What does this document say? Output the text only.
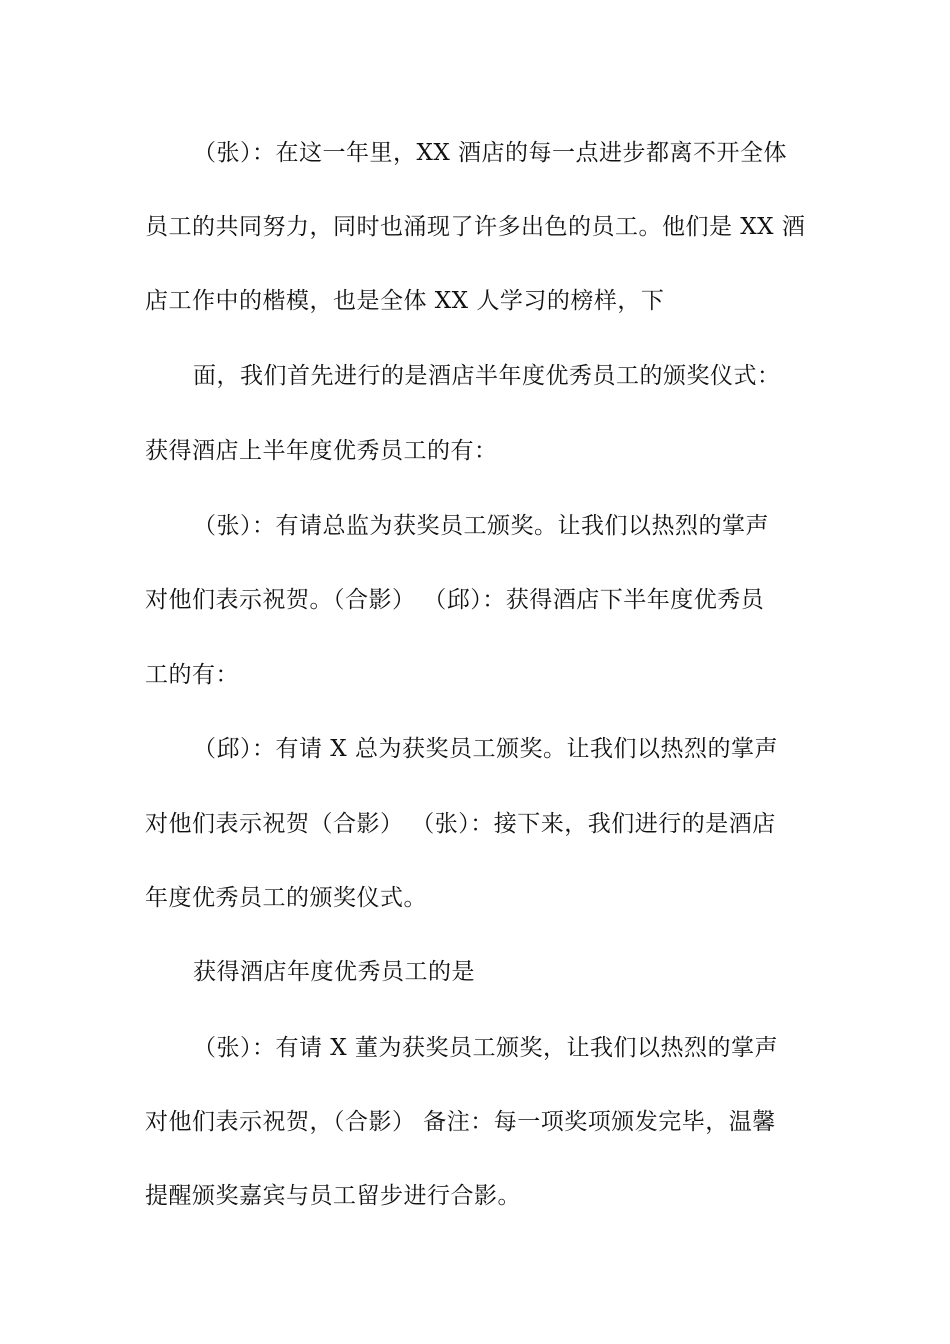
（张）：在这一年里，XX 酒店的每一点进步都离不开全体
员工的共同努力，同时也涌现了许多出色的员工。他们是 XX 酒
店工作中的楷模，也是全体 XX 人学习的榜样，下
面，我们首先进行的是酒店半年度优秀员工的颁奖仪式：
获得酒店上半年度优秀员工的有：
（张）：有请总监为获奖员工颁奖。让我们以热烈的掌声
对他们表示祝贺。（合影） （邱）：获得酒店下半年度优秀员
工的有：
（邱）：有请 X 总为获奖员工颁奖。让我们以热烈的掌声
对他们表示祝贺（合影） （张）：接下来，我们进行的是酒店
年度优秀员工的颁奖仪式。
获得酒店年度优秀员工的是
（张）：有请 X 董为获奖员工颁奖，让我们以热烈的掌声
对他们表示祝贺，（合影） 备注：每一项奖项颁发完毕，温馨
提醒颁奖嘉宾与员工留步进行合影。
